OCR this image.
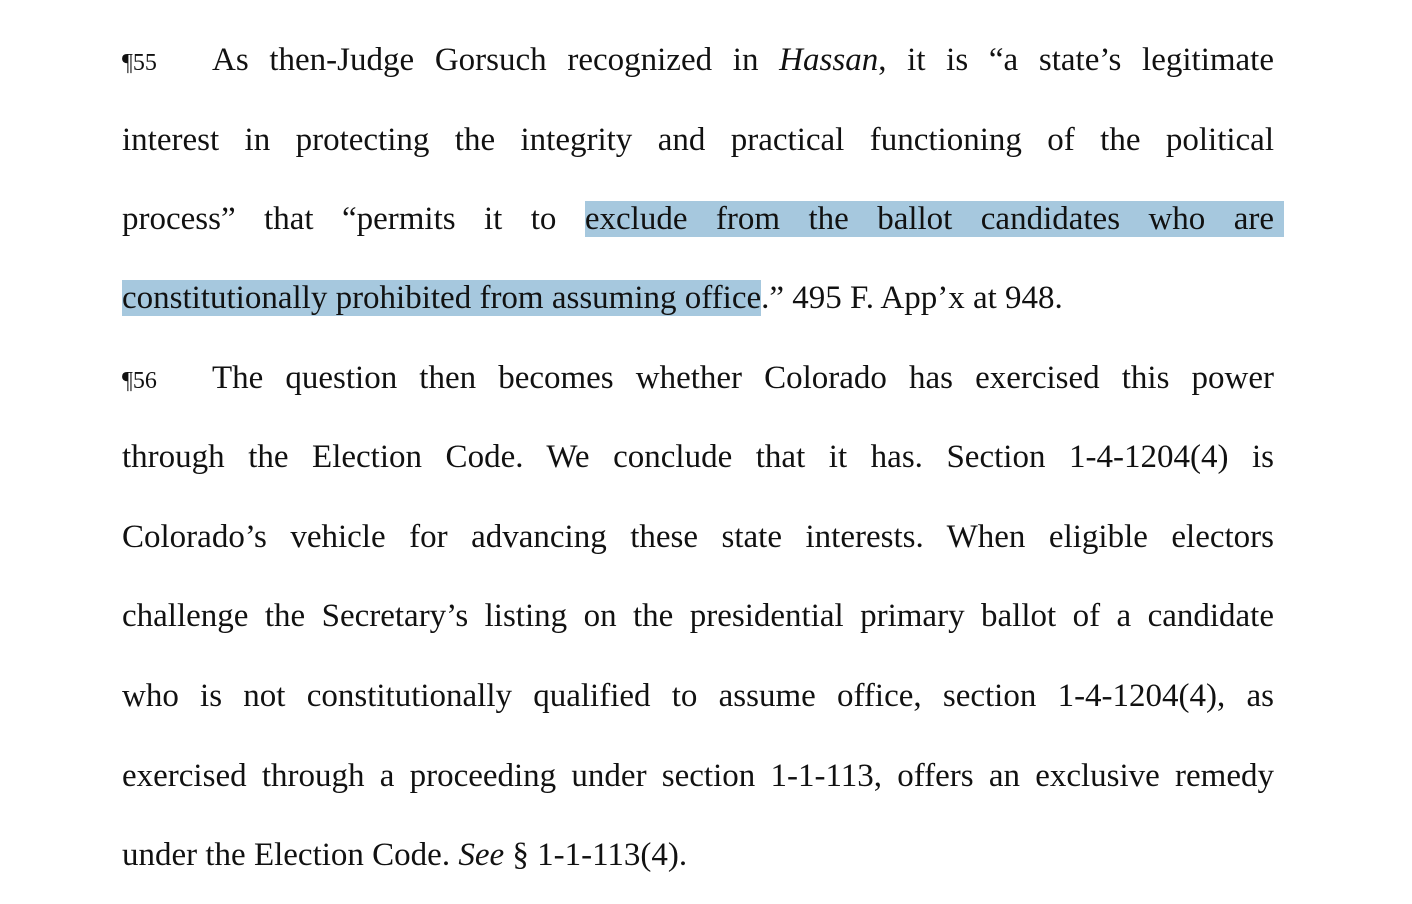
¶55 As then-Judge Gorsuch recognized in Hassan, it is “a state’s legitimate
interest in protecting the integrity and practical functioning of the political
process” that “permits it to exclude from the ballot candidates who are
constitutionally prohibited from assuming office.” 495 F. App’x at 948.
¶56 The question then becomes whether Colorado has exercised this power
through the Election Code. We conclude that it has. Section 1-4-1204(4) is
Colorado’s vehicle for advancing these state interests. When eligible electors
challenge the Secretary’s listing on the presidential primary ballot of a candidate
who is not constitutionally qualified to assume office, section 1-4-1204(4), as
exercised through a proceeding under section 1-1-113, offers an exclusive remedy
under the Election Code. See § 1-1-113(4).
